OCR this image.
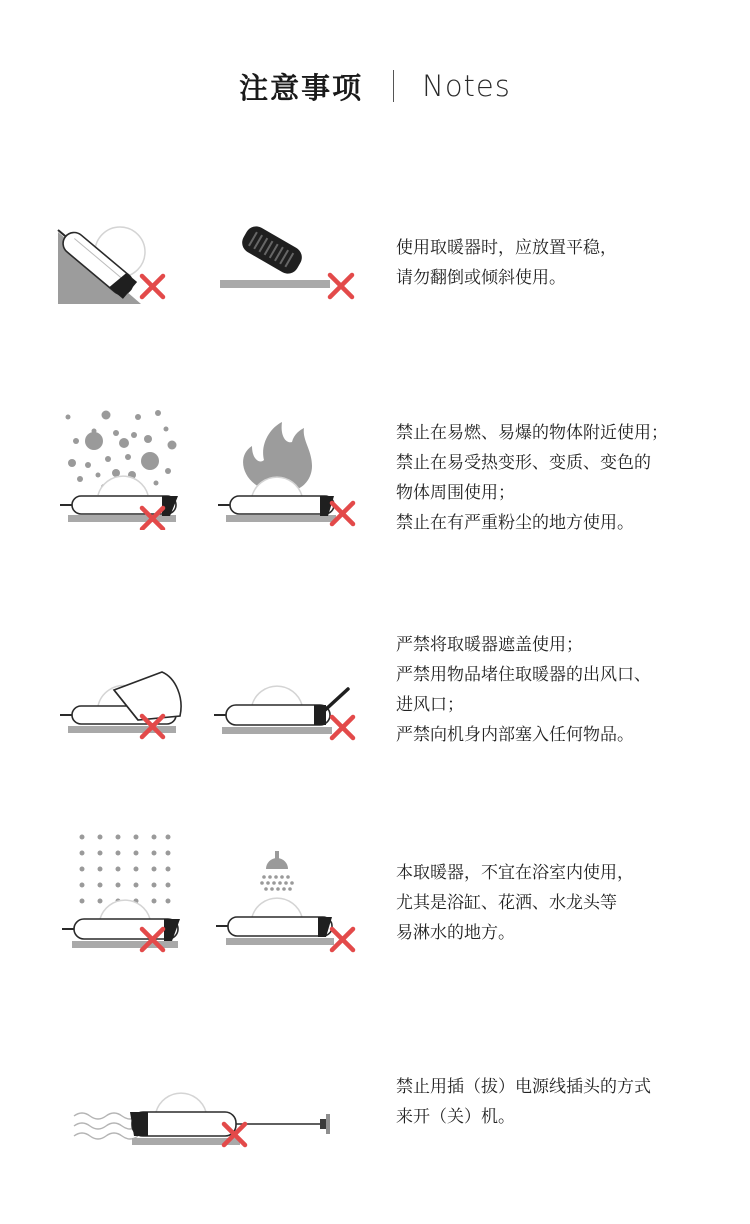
注意事项 Notes
使用取暖器时，应放置平稳，
请勿翻倒或倾斜使用。
禁止在易燃、易爆的物体附近使用；
禁止在易受热变形、变质、变色的
物体周围使用；
禁止在有严重粉尘的地方使用。
严禁将取暖器遮盖使用；
严禁用物品堵住取暖器的出风口、
进风口；
严禁向机身内部塞入任何物品。
本取暖器，不宜在浴室内使用，
尤其是浴缸、花洒、水龙头等
易淋水的地方。
禁止用插（拔）电源线插头的方式
来开（关）机。
